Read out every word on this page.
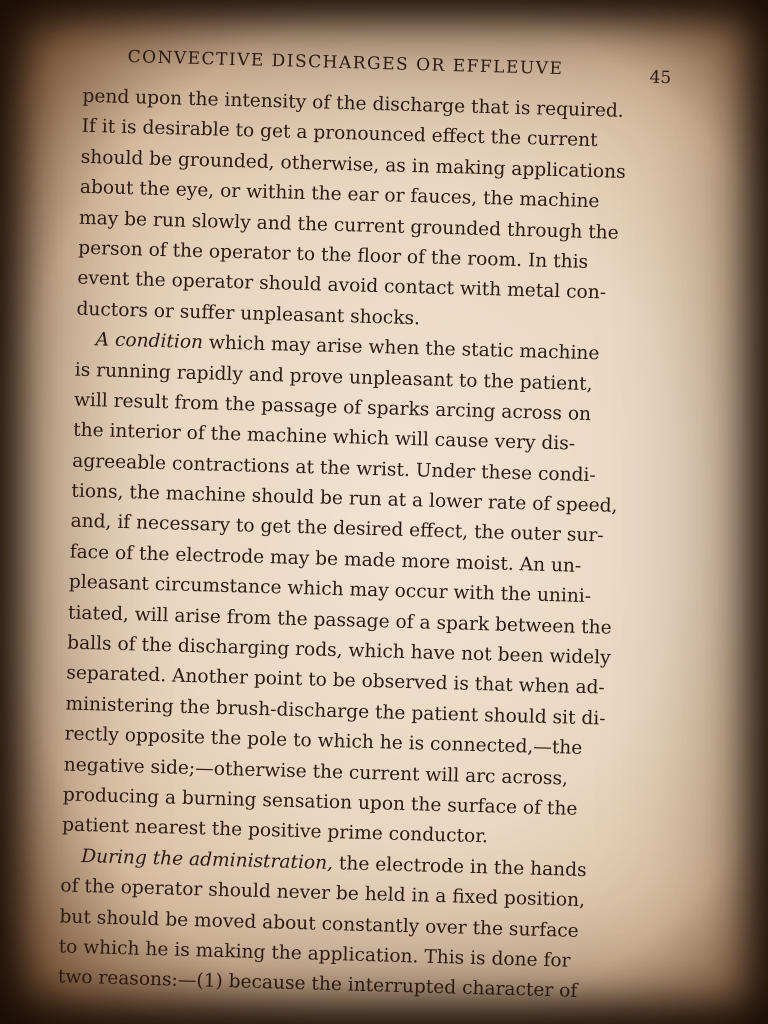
CONVECTIVE DISCHARGES OR EFFLEUVE	45
pend upon the intensity of the discharge that is required.
If it is desirable to get a pronounced effect the current
should be grounded, otherwise, as in making applications
about the eye, or within the ear or fauces, the machine
may be run slowly and the current grounded through the
person of the operator to the floor of the room. In this
event the operator should avoid contact with metal con-
ductors or suffer unpleasant shocks.
A condition which may arise when the static machine
is running rapidly and prove unpleasant to the patient,
will result from the passage of sparks arcing across on
the interior of the machine which will cause very dis-
agreeable contractions at the wrist. Under these condi-
tions, the machine should be run at a lower rate of speed,
and, if necessary to get the desired effect, the outer sur-
face of the electrode may be made more moist. An un-
pleasant circumstance which may occur with the unini-
tiated, will arise from the passage of a spark between the
balls of the discharging rods, which have not been widely
separated. Another point to be observed is that when ad-
ministering the brush-discharge the patient should sit di-
rectly opposite the pole to which he is connected,—the
negative side;—otherwise the current will arc across,
producing a burning sensation upon the surface of the
patient nearest the positive prime conductor.
During the administration, the electrode in the hands
of the operator should never be held in a fixed position,
but should be moved about constantly over the surface
to which he is making the application. This is done for
two reasons:—(1) because the interrupted character of
